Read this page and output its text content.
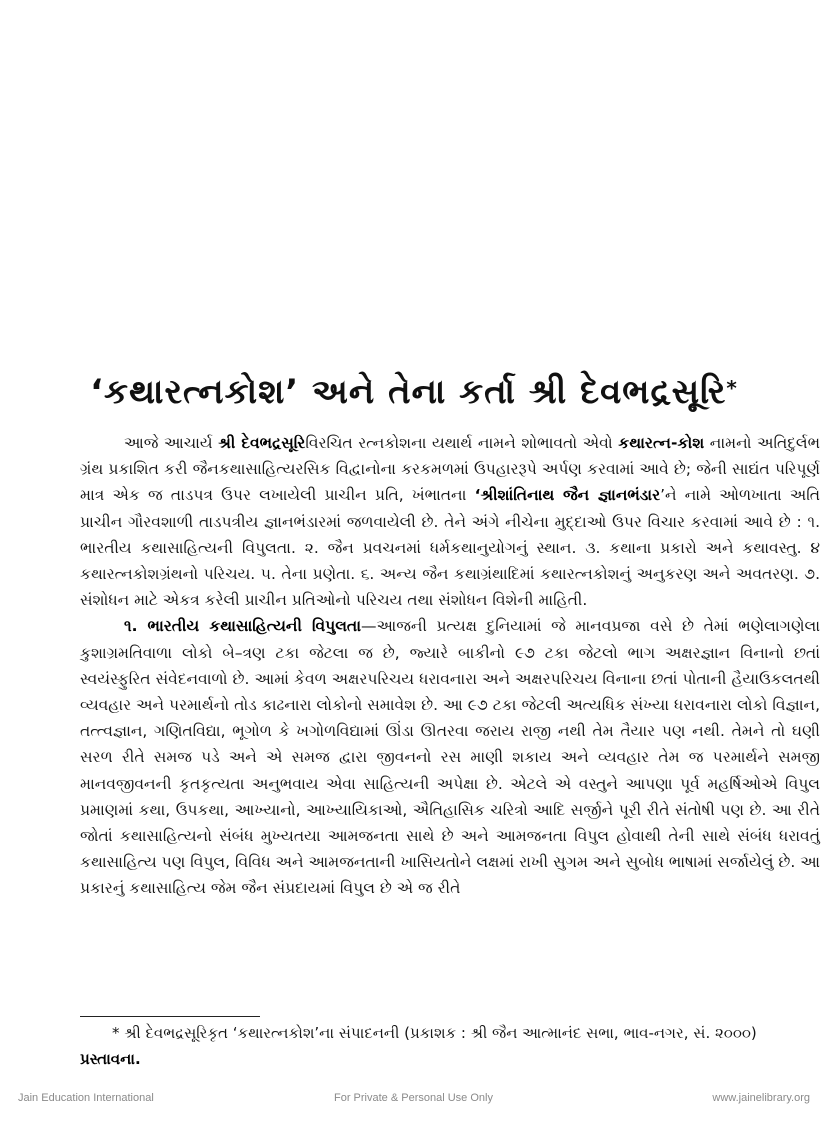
‘કથારત્નકોશ’ અને તેના કર્તા શ્રી દેવભદ્રસૂરિ*

આજે આચાર્ય શ્રી દેવભદ્રસૂરિવિરચિત રત્નકોશના યથાર્થ નામને શોભાવતો એવો કથારત્ન-કોશ નામનો અતિદુર્લભ ગ્રંથ પ્રકાશિત કરી જૈનકથાસાહિત્યરસિક વિદ્વાનોના કરકમળમાં ઉપહારરૂપે અર્પણ કરવામાં આવે છે; જેની સાદ્યંત પરિપૂર્ણ માત્ર એક જ તાડપત્ર ઉપર લખાયેલી પ્રાચીન પ્રતિ, ખંભાતના ‘શ્રીશાંતિનાથ જૈન જ્ઞાનભંડાર’ને નામે ઓળખાતા અતિ પ્રાચીન ગૌરવશાળી તાડપત્રીય જ્ઞાનભંડારમાં જળવાયેલી છે. તેને અંગે નીચેના મુદ્દાઓ ઉપર વિચાર કરવામાં આવે છે : ૧. ભારતીય કથાસાહિત્યની વિપુલતા. ૨. જૈન પ્રવચનમાં ધર્મકથાનુયોગનું સ્થાન. ૩. કથાના પ્રકારો અને કથાવસ્તુ. ૪ કથારત્નકોશગ્રંથનો પરિચય. ૫. તેના પ્રણેતા. ૬. અન્ય જૈન કથાગ્રંથાદિમાં કથારત્નકોશનું અનુકરણ અને અવતરણ. ૭. સંશોધન માટે એકત્ર કરેલી પ્રાચીન પ્રતિઓનો પરિચય તથા સંશોધન વિશેની માહિતી.

૧. ભારતીય કથાસાહિત્યની વિપુલતા—આજની પ્રત્યક્ષ દુનિયામાં જે માનવપ્રજા વસે છે તેમાં ભણેલાગણેલા કુશાગ્રમતિવાળા લોકો બે–ત્રણ ટકા જેટલા જ છે, જ્યારે બાકીનો ૯૭ ટકા જેટલો ભાગ અક્ષરજ્ઞાન વિનાનો છતાં સ્વયંસ્ફુરિત સંવેદનવાળો છે. આમાં કેવળ અક્ષરપરિચય ધરાવનારા અને અક્ષરપરિચય વિનાના છતાં પોતાની હૈયાઉકલતથી વ્યવહાર અને પરમાર્થનો તોડ કાઢનારા લોકોનો સમાવેશ છે. આ ૯૭ ટકા જેટલી અત્યધિક સંખ્યા ધરાવનારા લોકો વિજ્ઞાન, તત્ત્વજ્ઞાન, ગણિતવિદ્યા, ભૂગોળ કે ખગોળવિદ્યામાં ઊંડા ઊતરવા જરાય રાજી નથી તેમ તૈયાર પણ નથી. તેમને તો ઘણી સરળ રીતે સમજ પડે અને એ સમજ દ્વારા જીવનનો રસ માણી શકાય અને વ્યવહાર તેમ જ પરમાર્થને સમજી માનવજીવનની કૃતકૃત્યતા અનુભવાય એવા સાહિત્યની અપેક્ષા છે. એટલે એ વસ્તુને આપણા પૂર્વ મહર્ષિઓએ વિપુલ પ્રમાણમાં કથા, ઉપકથા, આખ્યાનો, આખ્યાયિકાઓ, ઐતિહાસિક ચરિત્રો આદિ સર્જીને પૂરી રીતે સંતોષી પણ છે. આ રીતે જોતાં કથાસાહિત્યનો સંબંધ મુખ્યતયા આમજનતા સાથે છે અને આમજનતા વિપુલ હોવાથી તેની સાથે સંબંધ ધરાવતું કથાસાહિત્ય પણ વિપુલ, વિવિધ અને આમજનતાની ખાસિયતોને લક્ષમાં રાખી સુગમ અને સુબોધ ભાષામાં સર્જાયેલું છે. આ પ્રકારનું કથાસાહિત્ય જેમ જૈન સંપ્રદાયમાં વિપુલ છે એ જ રીતે

* શ્રી દેવભદ્રસૂરિકૃત ‘કથારત્નકોશ’ના સંપાદનની (પ્રકાશક : શ્રી જૈન આત્માનંદ સભા, ભાવ-નગર, સં. ૨૦૦૦) પ્રસ્તાવના.

Jain Education International	For Private & Personal Use Only	www.jainelibrary.org
